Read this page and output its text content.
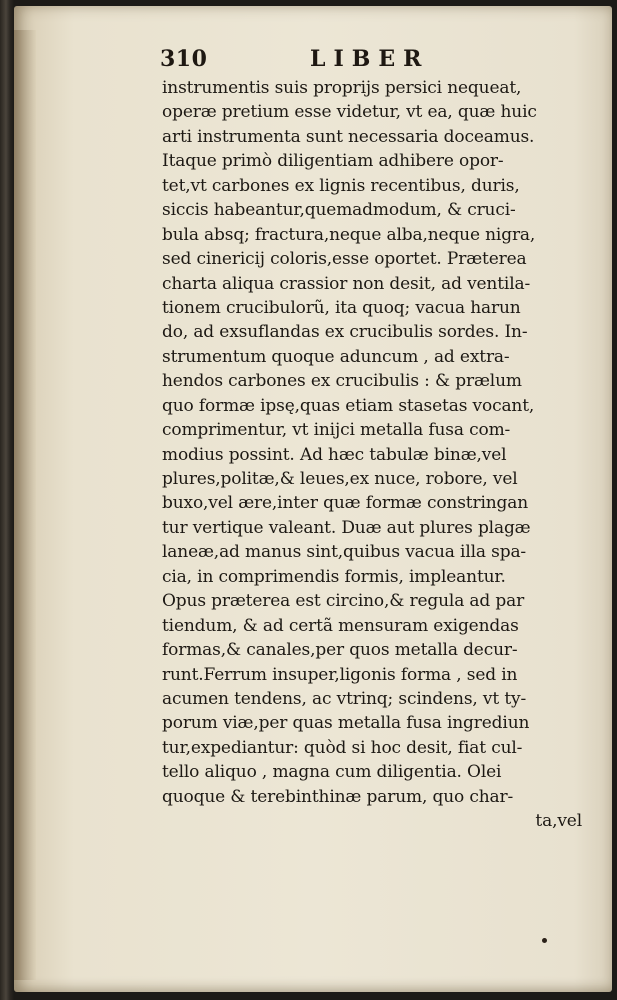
310	LIBER
instrumentis suis proprijs persici nequeat,
operæ pretium esse videtur, vt ea, quæ huic
arti instrumenta sunt necessaria doceamus.
Itaque primò diligentiam adhibere opor-
tet,vt carbones ex lignis recentibus, duris,
siccis habeantur,quemadmodum, & cruci-
bula absq; fractura,neque alba,neque nigra,
sed cinericij coloris,esse oportet. Præterea
charta aliqua crassior non desit, ad ventila-
tionem crucibulorũ, ita quoq; vacua harun
do, ad exsuflandas ex crucibulis sordes. In-
strumentum quoque aduncum , ad extra-
hendos carbones ex crucibulis : & prælum
quo formæ ipsę,quas etiam stasetas vocant,
comprimentur, vt inijci metalla fusa com-
modius possint. Ad hæc tabulæ binæ,vel
plures,politæ,& leues,ex nuce, robore, vel
buxo,vel ære,inter quæ formæ constringan
tur vertique valeant. Duæ aut plures plagæ
laneæ,ad manus sint,quibus vacua illa spa-
cia, in comprimendis formis, impleantur.
Opus præterea est circino,& regula ad par
tiendum, & ad certã mensuram exigendas
formas,& canales,per quos metalla decur-
runt.Ferrum insuper,ligonis forma , sed in
acumen tendens, ac vtrinq; scindens, vt ty-
porum viæ,per quas metalla fusa ingrediun
tur,expediantur: quòd si hoc desit, fiat cul-
tello aliquo , magna cum diligentia. Olei
quoque & terebinthinæ parum, quo char-
ta,vel
